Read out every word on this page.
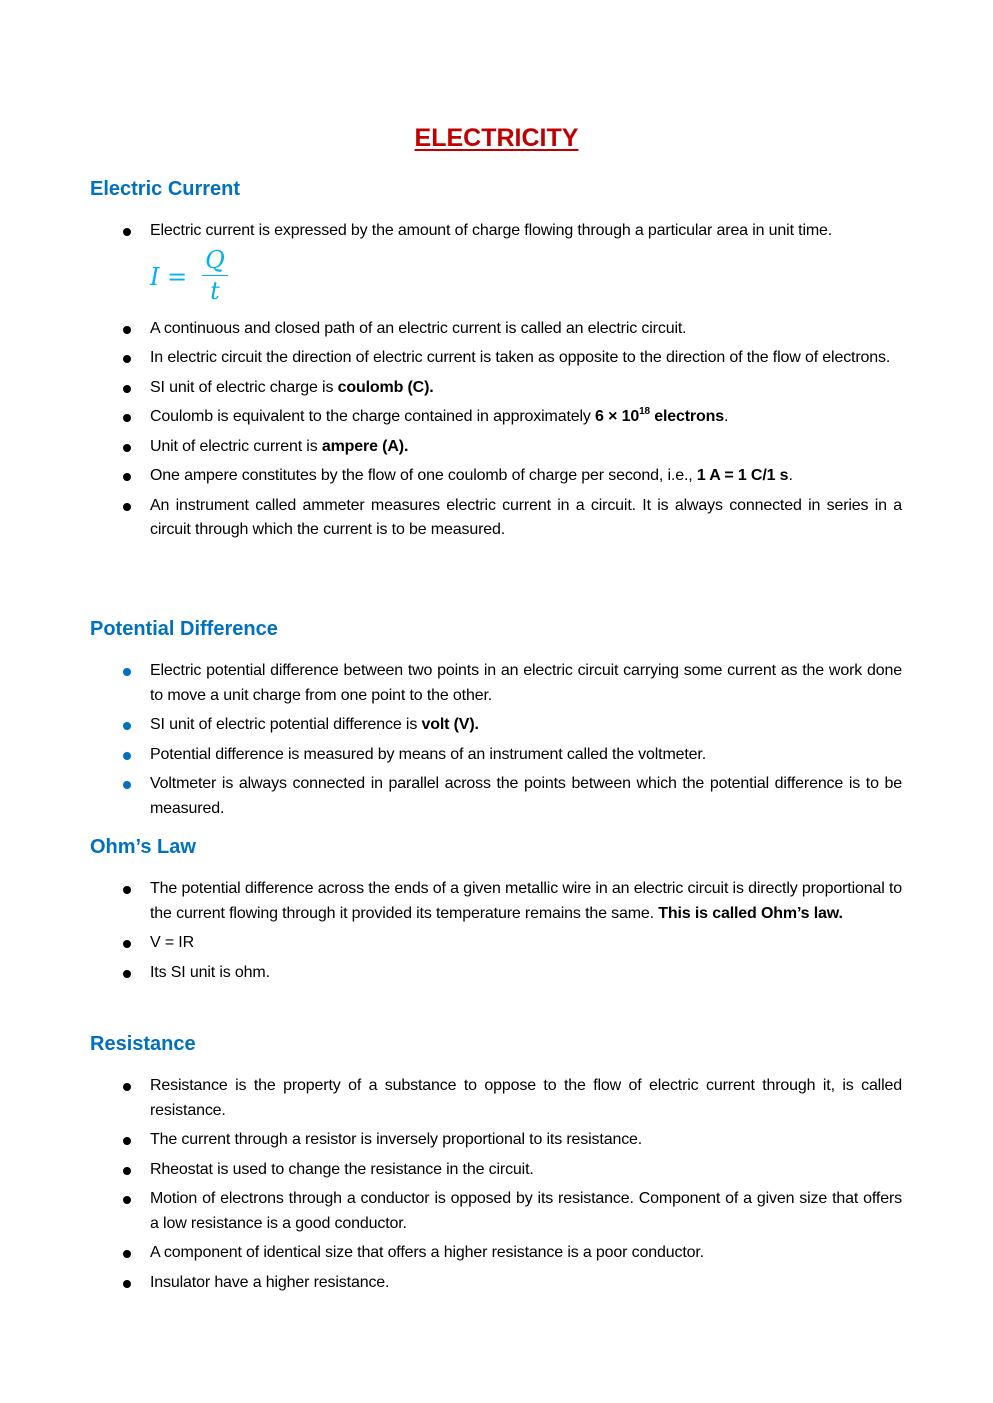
ELECTRICITY
Electric Current
Electric current is expressed by the amount of charge flowing through a particular area in unit time.
$I = \frac{Q}{t}$
A continuous and closed path of an electric current is called an electric circuit.
In electric circuit the direction of electric current is taken as opposite to the direction of the flow of electrons.
SI unit of electric charge is coulomb (C).
Coulomb is equivalent to the charge contained in approximately $6 \times 10^{18}$ electrons.
Unit of electric current is ampere (A).
One ampere constitutes by the flow of one coulomb of charge per second, i.e., 1 A = 1 C/1 s.
An instrument called ammeter measures electric current in a circuit. It is always connected in series in a circuit through which the current is to be measured.
Potential Difference
Electric potential difference between two points in an electric circuit carrying some current as the work done to move a unit charge from one point to the other.
SI unit of electric potential difference is volt (V).
Potential difference is measured by means of an instrument called the voltmeter.
Voltmeter is always connected in parallel across the points between which the potential difference is to be measured.
Ohm’s Law
The potential difference across the ends of a given metallic wire in an electric circuit is directly proportional to the current flowing through it provided its temperature remains the same. This is called Ohm’s law.
V = IR
Its SI unit is ohm.
Resistance
Resistance is the property of a substance to oppose to the flow of electric current through it, is called resistance.
The current through a resistor is inversely proportional to its resistance.
Rheostat is used to change the resistance in the circuit.
Motion of electrons through a conductor is opposed by its resistance. Component of a given size that offers a low resistance is a good conductor.
A component of identical size that offers a higher resistance is a poor conductor.
Insulator have a higher resistance.
